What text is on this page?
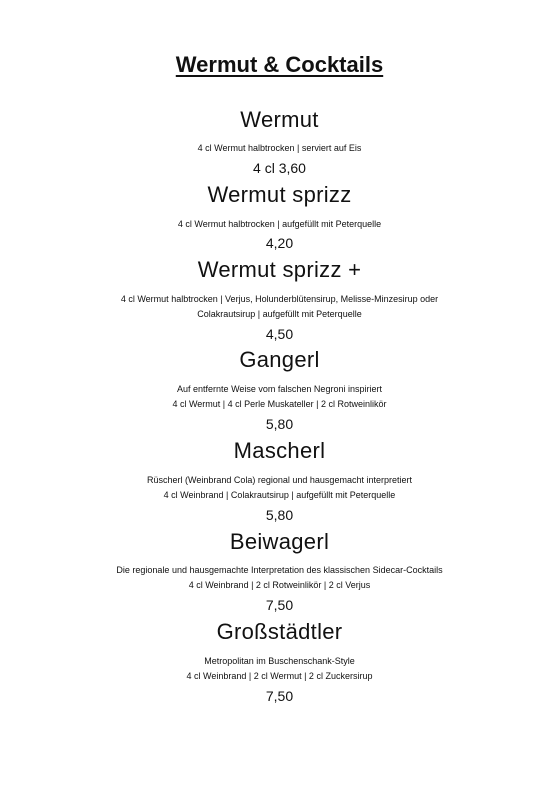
Wermut & Cocktails
Wermut
4 cl Wermut halbtrocken | serviert auf Eis
4 cl 3,60
Wermut sprizz
4 cl Wermut halbtrocken | aufgefüllt mit Peterquelle
4,20
Wermut sprizz +
4 cl Wermut halbtrocken | Verjus, Holunderblütensirup, Melisse-Minzesirup oder
Colakrautsirup | aufgefüllt mit Peterquelle
4,50
Gangerl
Auf entfernte Weise vom falschen Negroni inspiriert
4 cl Wermut | 4 cl Perle Muskateller | 2 cl Rotweinlikör
5,80
Mascherl
Rüscherl (Weinbrand Cola) regional und hausgemacht interpretiert
4 cl Weinbrand | Colakrautsirup | aufgefüllt mit Peterquelle
5,80
Beiwagerl
Die regionale und hausgemachte Interpretation des klassischen Sidecar-Cocktails
4 cl Weinbrand | 2 cl Rotweinlikör | 2 cl Verjus
7,50
Großstädtler
Metropolitan im Buschenschank-Style
4 cl Weinbrand | 2 cl Wermut | 2 cl Zuckersirup
7,50
